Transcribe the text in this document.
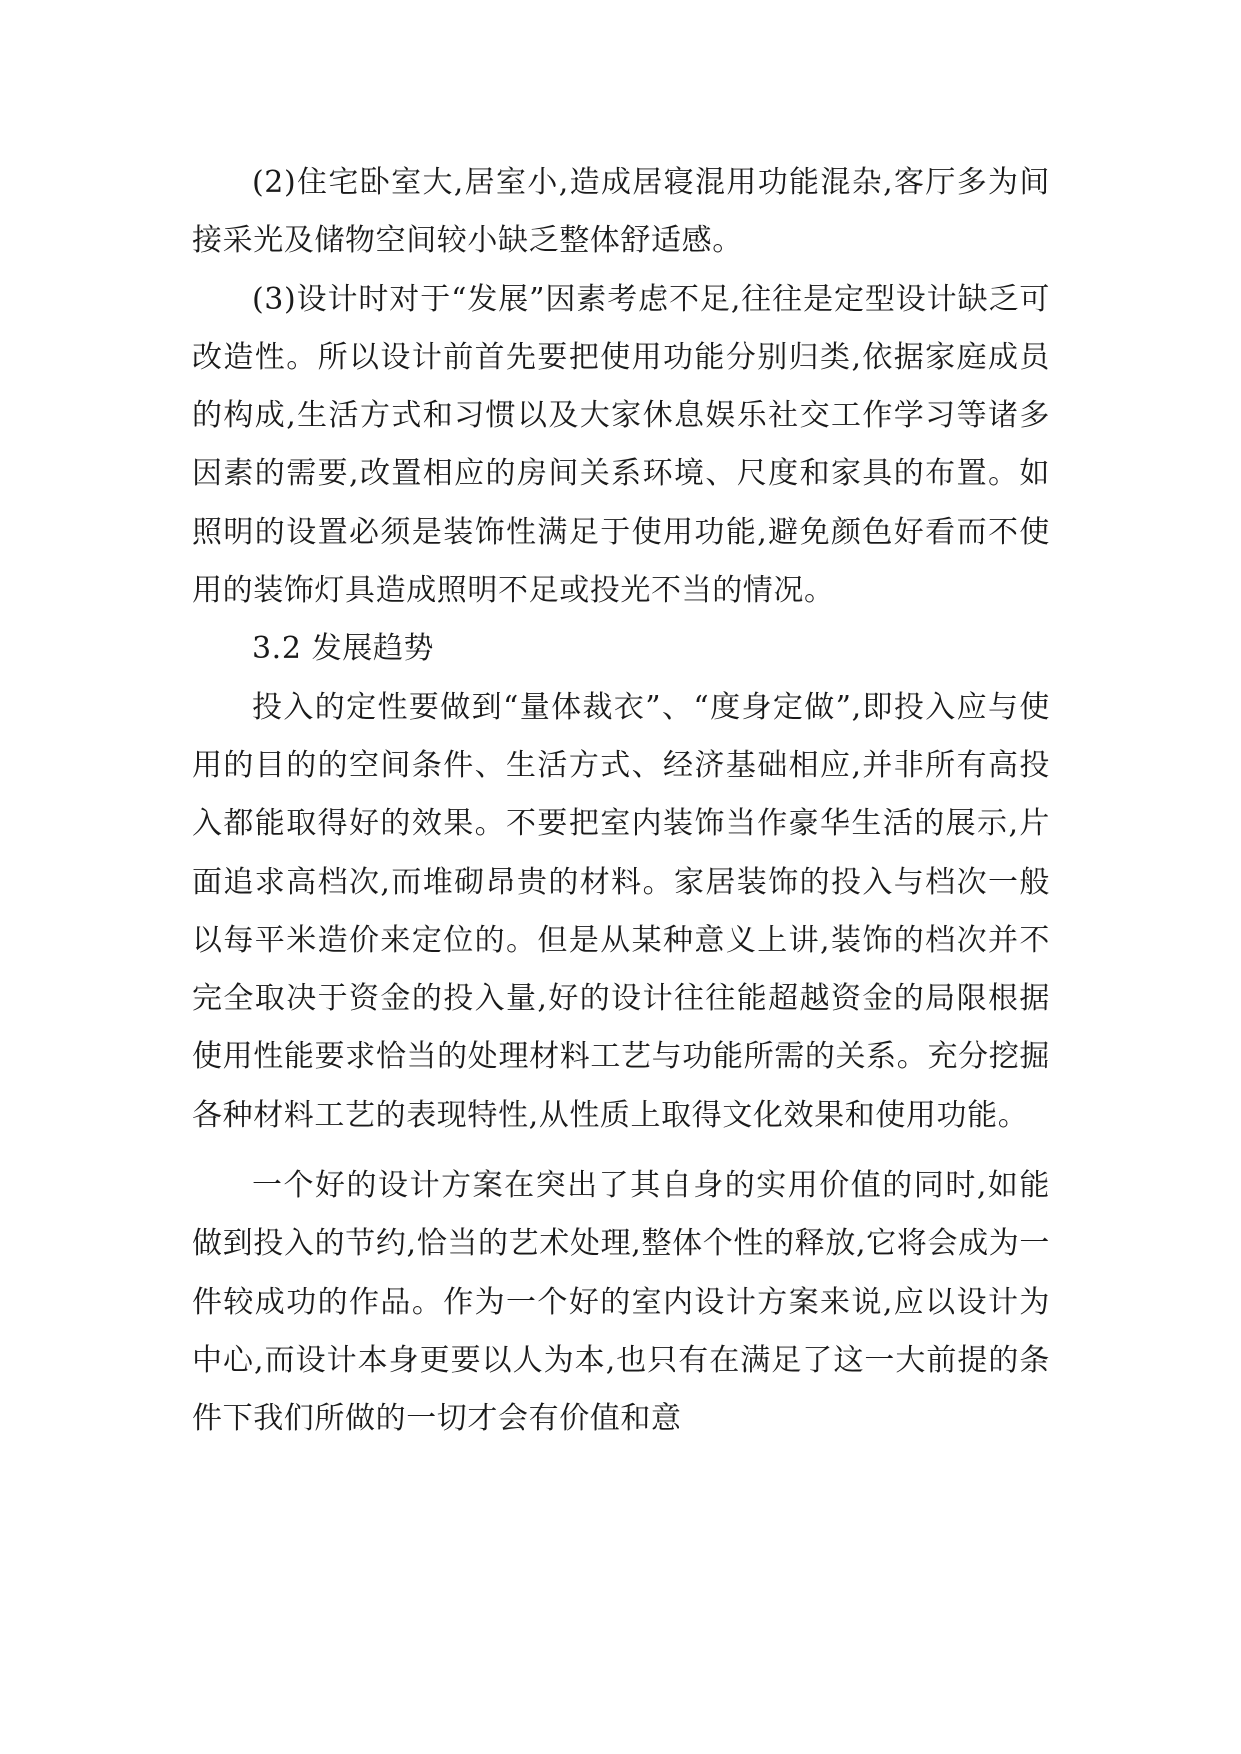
(2)住宅卧室大,居室小,造成居寝混用功能混杂,客厅多为间接采光及储物空间较小缺乏整体舒适感。

(3)设计时对于“发展”因素考虑不足,往往是定型设计缺乏可改造性。所以设计前首先要把使用功能分别归类,依据家庭成员的构成,生活方式和习惯以及大家休息娱乐社交工作学习等诸多因素的需要,改置相应的房间关系环境、尺度和家具的布置。如照明的设置必须是装饰性满足于使用功能,避免颜色好看而不使用的装饰灯具造成照明不足或投光不当的情况。

3.2 发展趋势

投入的定性要做到“量体裁衣”、“度身定做”,即投入应与使用的目的的空间条件、生活方式、经济基础相应,并非所有高投入都能取得好的效果。不要把室内装饰当作豪华生活的展示,片面追求高档次,而堆砌昂贵的材料。家居装饰的投入与档次一般以每平米造价来定位的。但是从某种意义上讲,装饰的档次并不完全取决于资金的投入量,好的设计往往能超越资金的局限根据使用性能要求恰当的处理材料工艺与功能所需的关系。充分挖掘各种材料工艺的表现特性,从性质上取得文化效果和使用功能。

一个好的设计方案在突出了其自身的实用价值的同时,如能做到投入的节约,恰当的艺术处理,整体个性的释放,它将会成为一件较成功的作品。作为一个好的室内设计方案来说,应以设计为中心,而设计本身更要以人为本,也只有在满足了这一大前提的条件下我们所做的一切才会有价值和意
